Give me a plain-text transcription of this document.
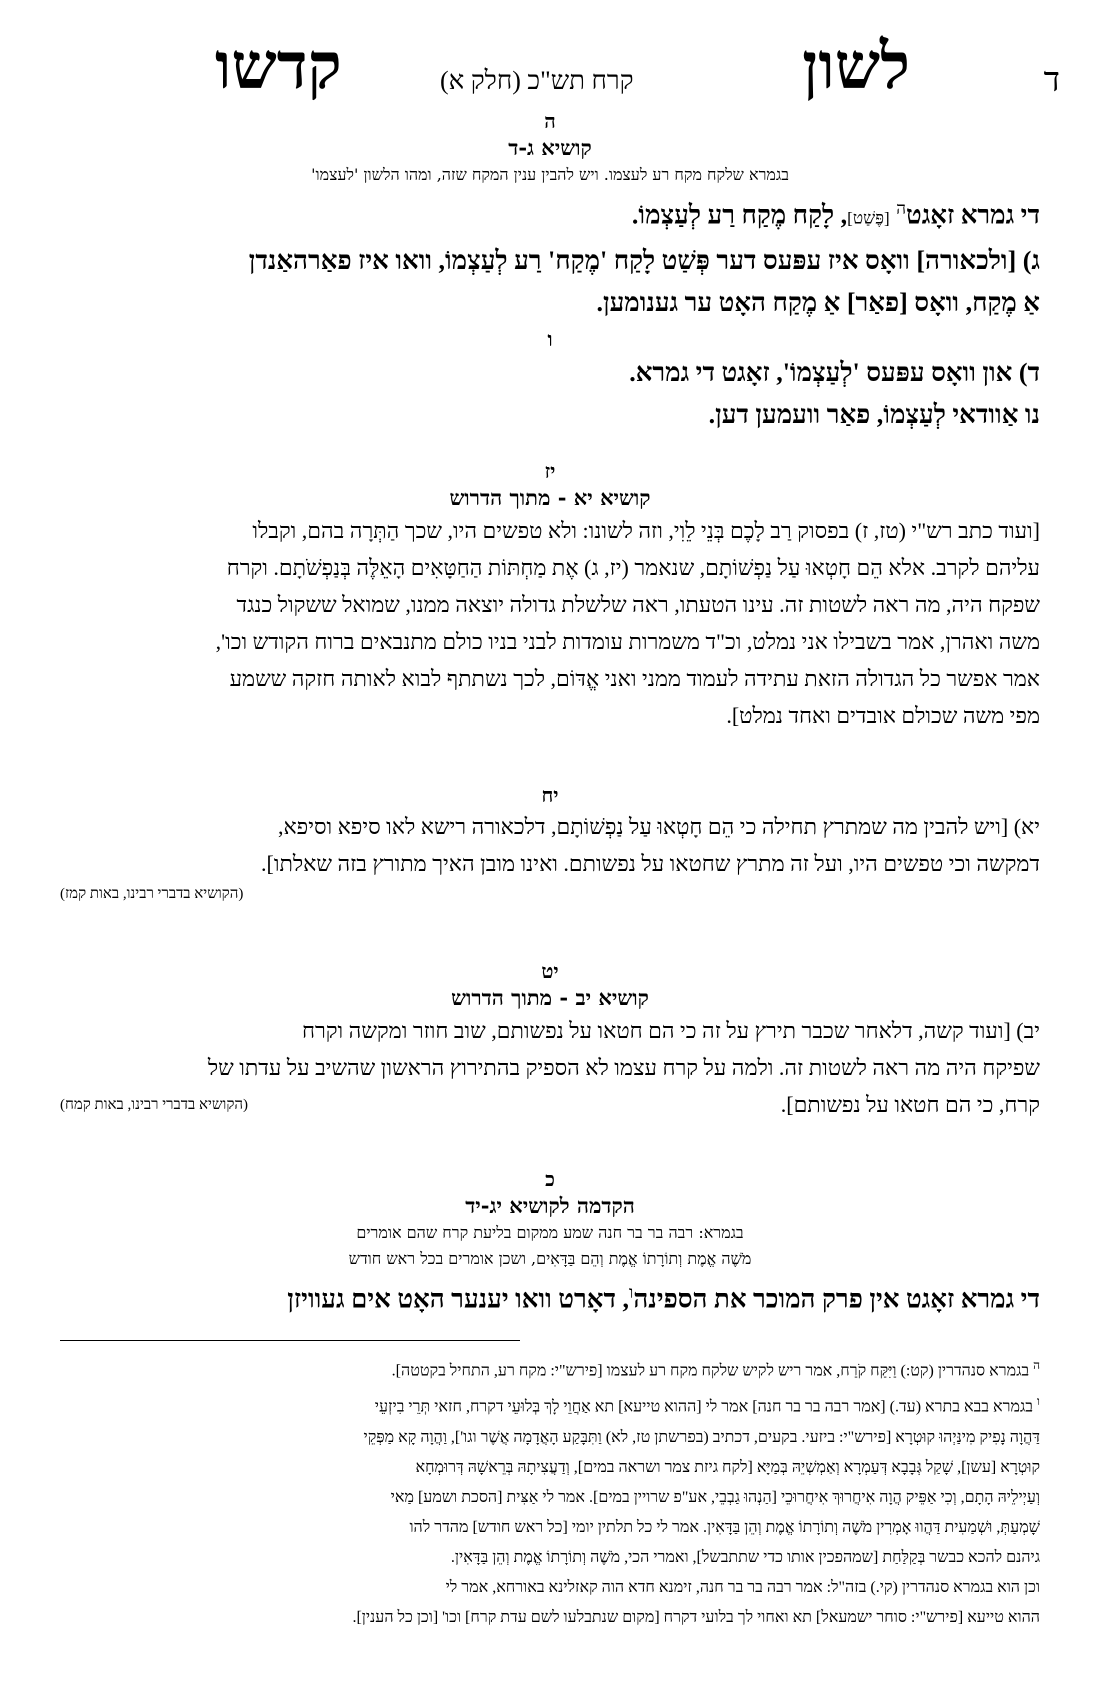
ד
לשון
קרח תש"כ (חלק א)
קדשו
ה
קושיא ג-ד
בגמרא שלקח מקח רע לעצמו. ויש להבין ענין המקח שזה, ומהו הלשון 'לעצמו'
די גמרא זאָגט$^ה$ [פֶּשַׁט], לָקַח מֶקַח רַע לְעַצְמוֹ.
ג) [ולכאורה] וואָס איז עפּעס דער פְּשַׁט לָקַח 'מֶקַח' רַע לְעַצְמוֹ, וואו איז פאַרהאַנדן
אַ מֶקַח, וואָס [פאַר] אַ מֶקַח האָט ער גענומען.
ו
ד) און וואָס עפּעס 'לְעַצְמוֹ', זאָגט די גמרא.
נו אַוודאי לְעַצְמוֹ, פאַר וועמען דען.
יז
קושיא יא - מתוך הדרוש
[ועוד כתב רש"י (טז, ז) בפסוק רַב לָכֶם בְּנֵי לֵוִי, וזה לשונו: ולא טפשים היו, שכך הַתְּרָה בהם, וקבלו
עליהם לקרב. אלא הֵם חָטְאוּ עַל נַפְשׁוֹתָם, שנאמר (יז, ג) אֶת מַחְתּוֹת הַחַטָּאִים הָאֵלֶּה בְּנַפְשֹׁתָם. וקרח
שפקח היה, מה ראה לשטות זה. עינו הטעתו, ראה שלשלת גדולה יוצאה ממנו, שמואל ששקול כנגד
משה ואהרן, אמר בשבילו אני נמלט, וכ"ד משמרות עומדות לבני בניו כולם מתנבאים ברוח הקודש וכו',
אמר אפשר כל הגדולה הזאת עתידה לעמוד ממני ואני אֱדּוֹם, לכך נשתתף לבוא לאותה חזקה ששמע
מפי משה שכולם אובדים ואחד נמלט].
יח
יא) [ויש להבין מה שמתרץ תחילה כי הֵם חָטְאוּ עַל נַפְשׁוֹתָם, דלכאורה רישא לאו סיפא וסיפא,
דמקשה וכי טפשים היו, ועל זה מתרץ שחטאו על נפשותם. ואינו מובן האיך מתורץ בזה שאלתו].
(הקושיא בדברי רבינו, באות קמז)
יט
קושיא יב - מתוך הדרוש
יב) [ועוד קשה, דלאחר שכבר תירץ על זה כי הם חטאו על נפשותם, שוב חוזר ומקשה וקרח
שפיקח היה מה ראה לשטות זה. ולמה על קרח עצמו לא הספיק בהתירוץ הראשון שהשיב על עדתו של
קרח, כי הם חטאו על נפשותם].
(הקושיא בדברי רבינו, באות קמח)
כ
הקדמה לקושיא יג-יד
בגמרא: רבה בר בר חנה שמע ממקום בליעת קרח שהם אומרים
מֹשֶׁה אֱמֶת וְתוֹרָתוֹ אֱמֶת וְהֵם בַּדָּאִים, ושכן אומרים בכל ראש חודש
די גמרא זאָגט אין פרק המוכר את הספינה$^ו$, דאָרט וואו יענער האָט אים געוויזן
$^ה$ בגמרא סנהדרין (קט:) וַיִּקַּח קֹרַח, אמר ריש לקיש שלקח מקח רע לעצמו [פירש"י: מקח רע, התחיל בקטטה].
$^ו$ בגמרא בבא בתרא (עד.) [אמר רבה בר בר חנה] אמר לי [ההוא טייעא] תא אַחֲוֵי לָךְ בְּלוּעֵי דקרח, חזאי תְּרֵי בִיזְעֵי
דַּהֲוָה נָפִיק מִינַּיְהוּ קוּטְרָא [פירש"י: ביזעי. בקעים, דכתיב (בפרשתן טז, לא) וַתִּבָּקַע הָאֲדָמָה אֲשֶׁר וגו'], וַהֲוָה קָא מַפְּקֵי
קוּטְרָא [עשן], שָׁקַל גְּבָבָא דְּעַמְרָא וְאַמְשְׁיֵהּ בְּמַיָּא [לקח גיזת צמר ושראה במים], וְדַעֲצִיתָהּ בְּרֵאשָׁהּ דְּרוּמְחָא
וְעַיְילֵיהּ הָתָם, וְכִי אַפֵּיק הֲוָה אִיחֲרוּךְ אִיחֲרוּכֵי [הַנְהוּ גַבְבֵי, אע"פ שרויין במים]. אמר לי אַצִּית [הסכת ושמע] מַאי
שָׁמְעַתְּ, וּשְׁמַעִית דַּהֲווּ אָמְרִין מֹשֶׁה וְתוֹרָתוֹ אֱמֶת וְהֵן בַּדָּאִין. אמר לי כל תלתין יומי [כל ראש חודש] מהדר להו
גיהנם להכא כבשר בְּקַלַּחַת [שמהפכין אותו כדי שתתבשל], ואמרי הכי, מֹשֶׁה וְתוֹרָתוֹ אֱמֶת וְהֵן בַּדָּאִין.
וכן הוא בגמרא סנהדרין (קי.) בזה"ל: אמר רבה בר בר חנה, זימנא חדא הוה קאזלינא באורחא, אמר לי
ההוא טייעא [פירש"י: סוחר ישמעאל] תא ואחוי לך בלועי דקרח [מקום שנתבלעו לשם עדת קרח] וכו' [וכן כל הענין].
